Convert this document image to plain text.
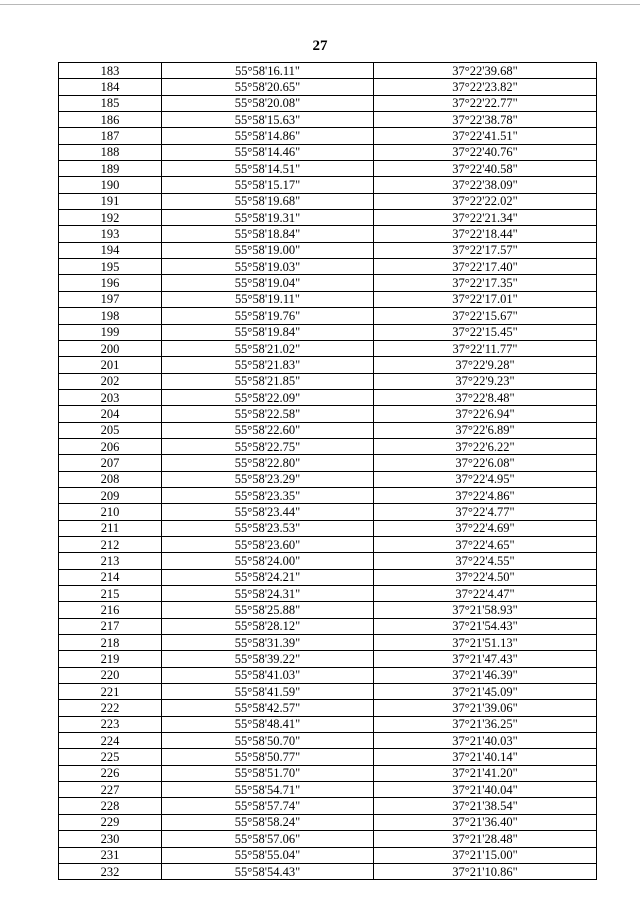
27
183	55°58'16.11"	37°22'39.68"
184	55°58'20.65"	37°22'23.82"
185	55°58'20.08"	37°22'22.77"
186	55°58'15.63"	37°22'38.78"
187	55°58'14.86"	37°22'41.51"
188	55°58'14.46"	37°22'40.76"
189	55°58'14.51"	37°22'40.58"
190	55°58'15.17"	37°22'38.09"
191	55°58'19.68"	37°22'22.02"
192	55°58'19.31"	37°22'21.34"
193	55°58'18.84"	37°22'18.44"
194	55°58'19.00"	37°22'17.57"
195	55°58'19.03"	37°22'17.40"
196	55°58'19.04"	37°22'17.35"
197	55°58'19.11"	37°22'17.01"
198	55°58'19.76"	37°22'15.67"
199	55°58'19.84"	37°22'15.45"
200	55°58'21.02"	37°22'11.77"
201	55°58'21.83"	37°22'9.28"
202	55°58'21.85"	37°22'9.23"
203	55°58'22.09"	37°22'8.48"
204	55°58'22.58"	37°22'6.94"
205	55°58'22.60"	37°22'6.89"
206	55°58'22.75"	37°22'6.22"
207	55°58'22.80"	37°22'6.08"
208	55°58'23.29"	37°22'4.95"
209	55°58'23.35"	37°22'4.86"
210	55°58'23.44"	37°22'4.77"
211	55°58'23.53"	37°22'4.69"
212	55°58'23.60"	37°22'4.65"
213	55°58'24.00"	37°22'4.55"
214	55°58'24.21"	37°22'4.50"
215	55°58'24.31"	37°22'4.47"
216	55°58'25.88"	37°21'58.93"
217	55°58'28.12"	37°21'54.43"
218	55°58'31.39"	37°21'51.13"
219	55°58'39.22"	37°21'47.43"
220	55°58'41.03"	37°21'46.39"
221	55°58'41.59"	37°21'45.09"
222	55°58'42.57"	37°21'39.06"
223	55°58'48.41"	37°21'36.25"
224	55°58'50.70"	37°21'40.03"
225	55°58'50.77"	37°21'40.14"
226	55°58'51.70"	37°21'41.20"
227	55°58'54.71"	37°21'40.04"
228	55°58'57.74"	37°21'38.54"
229	55°58'58.24"	37°21'36.40"
230	55°58'57.06"	37°21'28.48"
231	55°58'55.04"	37°21'15.00"
232	55°58'54.43"	37°21'10.86"
